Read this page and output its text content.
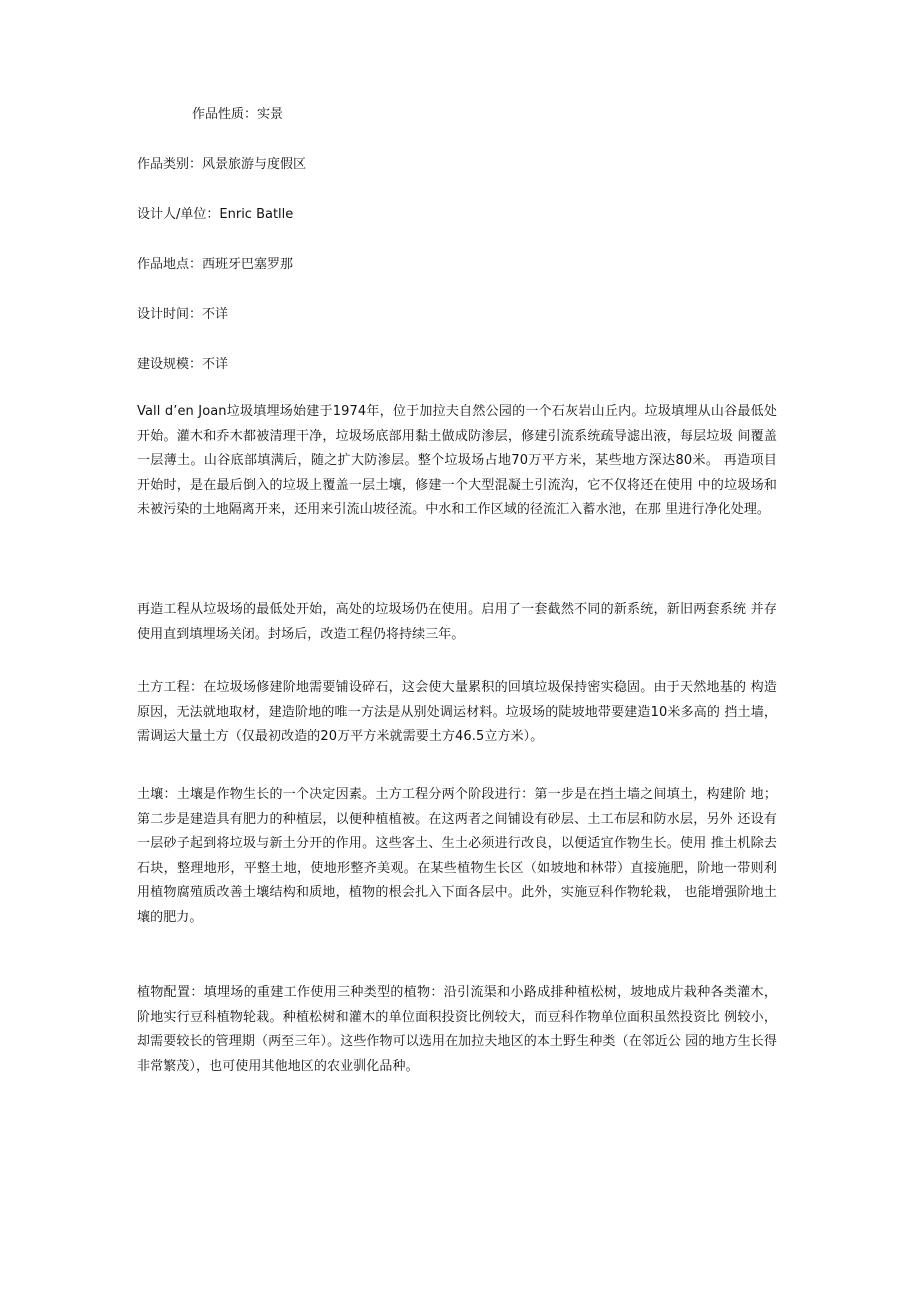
作品性质：实景
作品类别：风景旅游与度假区
设计人/单位：Enric Batlle
作品地点：西班牙巴塞罗那
设计时间：不详
建设规模：不详

Vall d’en Joan垃圾填埋场始建于1974年，位于加拉夫自然公园的一个石灰岩山丘内。垃圾填埋从山谷最低处开始。灌木和乔木都被清理干净，垃圾场底部用黏土做成防渗层，修建引流系统疏导滤出液，每层垃圾 间覆盖一层薄土。山谷底部填满后，随之扩大防渗层。整个垃圾场占地70万平方米，某些地方深达80米。 再造项目开始时，是在最后倒入的垃圾上覆盖一层土壤，修建一个大型混凝土引流沟，它不仅将还在使用 中的垃圾场和未被污染的土地隔离开来，还用来引流山坡径流。中水和工作区域的径流汇入蓄水池，在那 里进行净化处理。

再造工程从垃圾场的最低处开始，高处的垃圾场仍在使用。启用了一套截然不同的新系统，新旧两套系统 并存使用直到填埋场关闭。封场后，改造工程仍将持续三年。

土方工程：在垃圾场修建阶地需要铺设碎石，这会使大量累积的回填垃圾保持密实稳固。由于天然地基的 构造原因，无法就地取材，建造阶地的唯一方法是从别处调运材料。垃圾场的陡坡地带要建造10米多高的 挡土墙，需调运大量土方（仅最初改造的20万平方米就需要土方46.5立方米）。

土壤：土壤是作物生长的一个决定因素。土方工程分两个阶段进行：第一步是在挡土墙之间填土，构建阶 地；第二步是建造具有肥力的种植层，以便种植植被。在这两者之间铺设有砂层、土工布层和防水层，另外 还设有一层砂子起到将垃圾与新土分开的作用。这些客土、生土必须进行改良，以便适宜作物生长。使用 推土机除去石块，整理地形，平整土地，使地形整齐美观。在某些植物生长区（如坡地和林带）直接施肥，阶地一带则利用植物腐殖质改善土壤结构和质地，植物的根会扎入下面各层中。此外，实施豆科作物轮栽， 也能增强阶地土壤的肥力。

植物配置：填埋场的重建工作使用三种类型的植物：沿引流渠和小路成排种植松树，坡地成片栽种各类灌木，阶地实行豆科植物轮栽。种植松树和灌木的单位面积投资比例较大，而豆科作物单位面积虽然投资比 例较小，却需要较长的管理期（两至三年）。这些作物可以选用在加拉夫地区的本土野生种类（在邻近公 园的地方生长得非常繁茂），也可使用其他地区的农业驯化品种。
